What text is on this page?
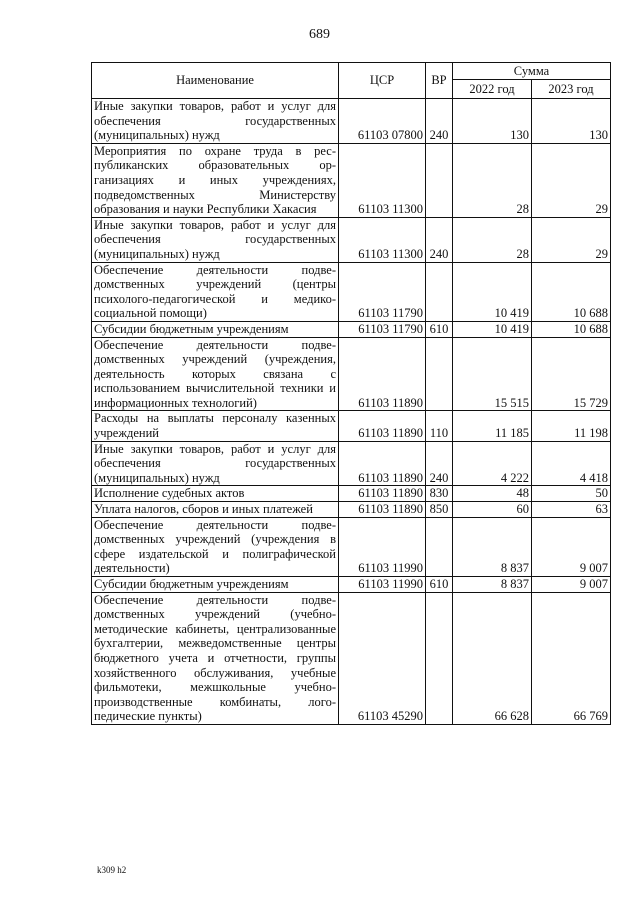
689
Наименование	ЦСР	ВР	Сумма	
			2022 год	2023 год
Иные закупки товаров, работ и услуг для обеспечения государственных (муниципальных) нужд	61103 07800	240	130	130
Мероприятия по охране труда в республиканских образовательных организациях и иных учреждениях, подведомственных Министерству образования и науки Республики Хакасия	61103 11300		28	29
Иные закупки товаров, работ и услуг для обеспечения государственных (муниципальных) нужд	61103 11300	240	28	29
Обеспечение деятельности подведомственных учреждений (центры психолого-педагогической и медико-социальной помощи)	61103 11790		10 419	10 688
Субсидии бюджетным учреждениям	61103 11790	610	10 419	10 688
Обеспечение деятельности подведомственных учреждений (учреждения, деятельность которых связана с использованием вычислительной техники и информационных технологий)	61103 11890		15 515	15 729
Расходы на выплаты персоналу казенных учреждений	61103 11890	110	11 185	11 198
Иные закупки товаров, работ и услуг для обеспечения государственных (муниципальных) нужд	61103 11890	240	4 222	4 418
Исполнение судебных актов	61103 11890	830	48	50
Уплата налогов, сборов и иных платежей	61103 11890	850	60	63
Обеспечение деятельности подведомственных учреждений (учреждения в сфере издательской и полиграфической деятельности)	61103 11990		8 837	9 007
Субсидии бюджетным учреждениям	61103 11990	610	8 837	9 007
Обеспечение деятельности подведомственных учреждений (учебно-методические кабинеты, централизованные бухгалтерии, межведомственные центры бюджетного учета и отчетности, группы хозяйственного обслуживания, учебные фильмотеки, межшкольные учебно-производственные комбинаты, логопедические пункты)	61103 45290		66 628	66 769
k309 h2
